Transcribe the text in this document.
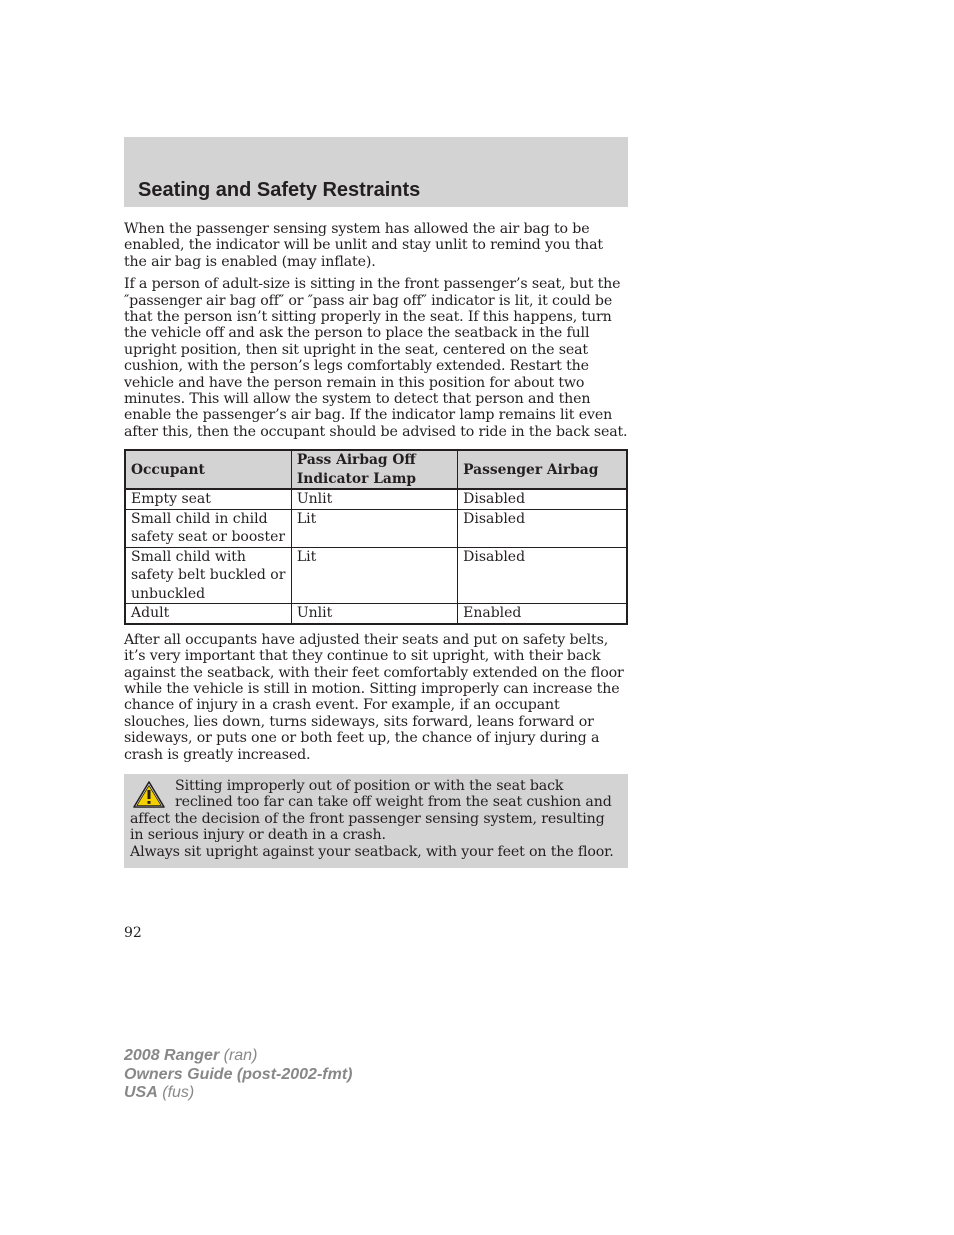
Seating and Safety Restraints

When the passenger sensing system has allowed the air bag to be enabled, the indicator will be unlit and stay unlit to remind you that the air bag is enabled (may inflate).

If a person of adult-size is sitting in the front passenger’s seat, but the ″passenger air bag off″ or ″pass air bag off″ indicator is lit, it could be that the person isn’t sitting properly in the seat. If this happens, turn the vehicle off and ask the person to place the seatback in the full upright position, then sit upright in the seat, centered on the seat cushion, with the person’s legs comfortably extended. Restart the vehicle and have the person remain in this position for about two minutes. This will allow the system to detect that person and then enable the passenger’s air bag. If the indicator lamp remains lit even after this, then the occupant should be advised to ride in the back seat.

Occupant	Pass Airbag Off Indicator Lamp	Passenger Airbag
Empty seat	Unlit	Disabled
Small child in child safety seat or booster	Lit	Disabled
Small child with safety belt buckled or unbuckled	Lit	Disabled
Adult	Unlit	Enabled

After all occupants have adjusted their seats and put on safety belts, it’s very important that they continue to sit upright, with their back against the seatback, with their feet comfortably extended on the floor while the vehicle is still in motion. Sitting improperly can increase the chance of injury in a crash event. For example, if an occupant slouches, lies down, turns sideways, sits forward, leans forward or sideways, or puts one or both feet up, the chance of injury during a crash is greatly increased.

Sitting improperly out of position or with the seat back reclined too far can take off weight from the seat cushion and affect the decision of the front passenger sensing system, resulting in serious injury or death in a crash.

Always sit upright against your seatback, with your feet on the floor.

92
2008 Ranger (ran)
Owners Guide (post-2002-fmt)
USA (fus)
